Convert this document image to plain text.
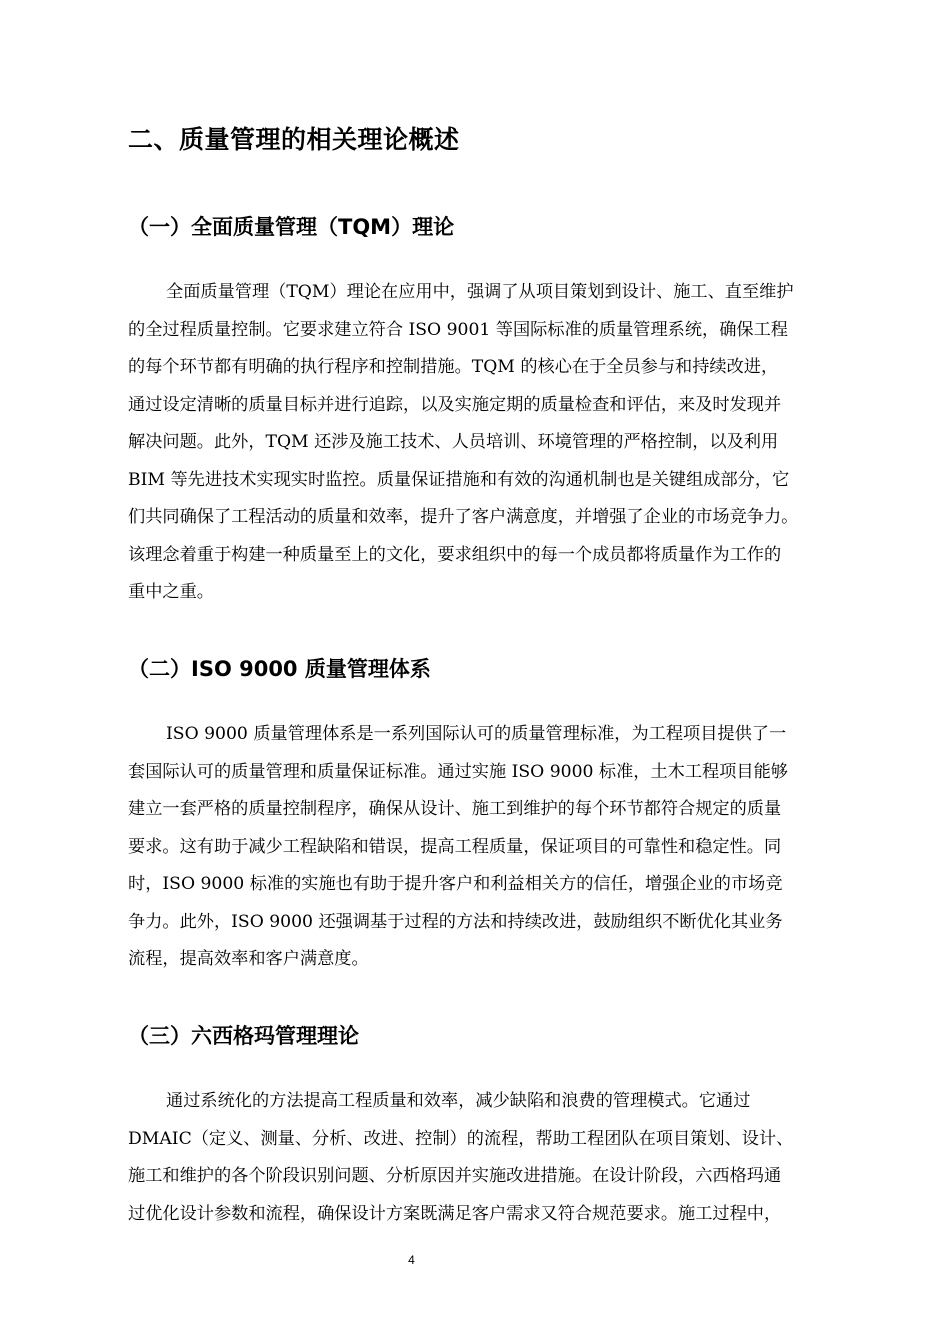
二、质量管理的相关理论概述
（一）全面质量管理（TQM）理论
全面质量管理（TQM）理论在应用中，强调了从项目策划到设计、施工、直至维护
的全过程质量控制。它要求建立符合 ISO 9001 等国际标准的质量管理系统，确保工程
的每个环节都有明确的执行程序和控制措施。TQM 的核心在于全员参与和持续改进，
通过设定清晰的质量目标并进行追踪，以及实施定期的质量检查和评估，来及时发现并
解决问题。此外，TQM 还涉及施工技术、人员培训、环境管理的严格控制，以及利用
BIM 等先进技术实现实时监控。质量保证措施和有效的沟通机制也是关键组成部分，它
们共同确保了工程活动的质量和效率，提升了客户满意度，并增强了企业的市场竞争力。
该理念着重于构建一种质量至上的文化，要求组织中的每一个成员都将质量作为工作的
重中之重。
（二）ISO 9000 质量管理体系
ISO 9000 质量管理体系是一系列国际认可的质量管理标准，为工程项目提供了一
套国际认可的质量管理和质量保证标准。通过实施 ISO 9000 标准，土木工程项目能够
建立一套严格的质量控制程序，确保从设计、施工到维护的每个环节都符合规定的质量
要求。这有助于减少工程缺陷和错误，提高工程质量，保证项目的可靠性和稳定性。同
时，ISO 9000 标准的实施也有助于提升客户和利益相关方的信任，增强企业的市场竞
争力。此外，ISO 9000 还强调基于过程的方法和持续改进，鼓励组织不断优化其业务
流程，提高效率和客户满意度。
（三）六西格玛管理理论
通过系统化的方法提高工程质量和效率，减少缺陷和浪费的管理模式。它通过
DMAIC（定义、测量、分析、改进、控制）的流程，帮助工程团队在项目策划、设计、
施工和维护的各个阶段识别问题、分析原因并实施改进措施。在设计阶段，六西格玛通
过优化设计参数和流程，确保设计方案既满足客户需求又符合规范要求。施工过程中，
4
